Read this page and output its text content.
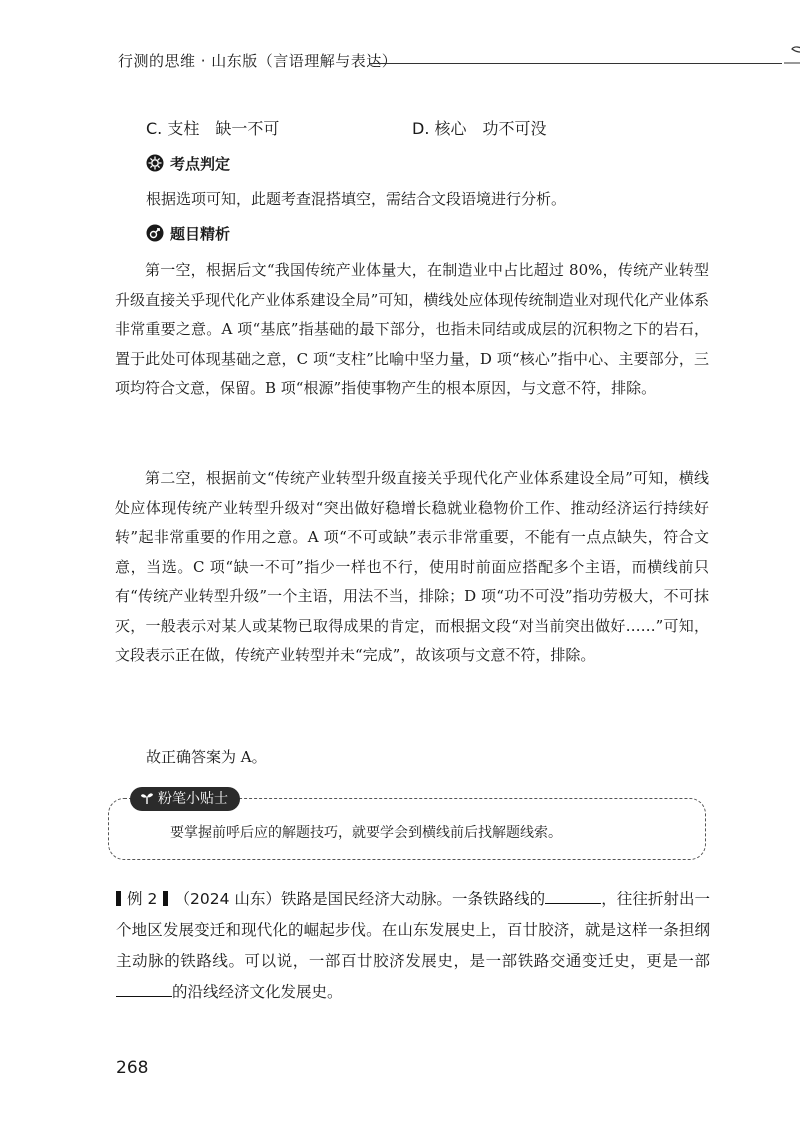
行测的思维 · 山东版（言语理解与表达）
C. 支柱　缺一不可	D. 核心　功不可没
考点判定
根据选项可知，此题考查混搭填空，需结合文段语境进行分析。
题目精析

第一空，根据后文“我国传统产业体量大，在制造业中占比超过 80%，传统产业转型升级直接关乎现代化产业体系建设全局”可知，横线处应体现传统制造业对现代化产业体系非常重要之意。A 项“基底”指基础的最下部分，也指未同结或成层的沉积物之下的岩石，置于此处可体现基础之意，C 项“支柱”比喻中坚力量，D 项“核心”指中心、主要部分，三项均符合文意，保留。B 项“根源”指使事物产生的根本原因，与文意不符，排除。

第二空，根据前文“传统产业转型升级直接关乎现代化产业体系建设全局”可知，横线处应体现传统产业转型升级对“突出做好稳增长稳就业稳物价工作、推动经济运行持续好转”起非常重要的作用之意。A 项“不可或缺”表示非常重要，不能有一点点缺失，符合文意，当选。C 项“缺一不可”指少一样也不行，使用时前面应搭配多个主语，而横线前只有“传统产业转型升级”一个主语，用法不当，排除；D 项“功不可没”指功劳极大，不可抹灭，一般表示对某人或某物已取得成果的肯定，而根据文段“对当前突出做好……”可知，文段表示正在做，传统产业转型并未“完成”，故该项与文意不符，排除。

故正确答案为 A。
粉笔小贴士
要掌握前呼后应的解题技巧，就要学会到横线前后找解题线索。

例 2 （2024 山东）铁路是国民经济大动脉。一条铁路线的	，往往折射出一个地区发展变迁和现代化的崛起步伐。在山东发展史上，百廿胶济，就是这样一条担纲主动脉的铁路线。可以说，一部百廿胶济发展史，是一部铁路交通变迁史，更是一部的沿线经济文化发展史。

268
